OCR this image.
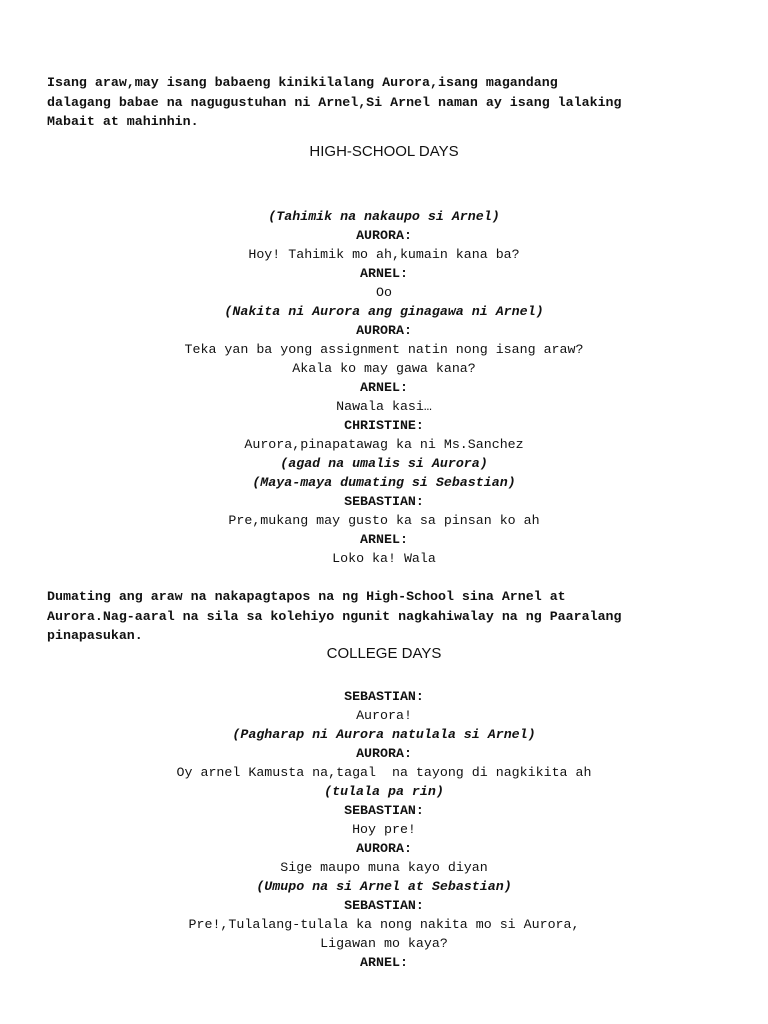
Isang araw,may isang babaeng kinikilalang Aurora,isang magandang
dalagang babae na nagugustuhan ni Arnel,Si Arnel naman ay isang lalaking
Mabait at mahinhin.
HIGH-SCHOOL DAYS
(Tahimik na nakaupo si Arnel)
AURORA:
Hoy! Tahimik mo ah,kumain kana ba?
ARNEL:
Oo
(Nakita ni Aurora ang ginagawa ni Arnel)
AURORA:
Teka yan ba yong assignment natin nong isang araw?
Akala ko may gawa kana?
ARNEL:
Nawala kasi…
CHRISTINE:
Aurora,pinapatawag ka ni Ms.Sanchez
(agad na umalis si Aurora)
(Maya-maya dumating si Sebastian)
SEBASTIAN:
Pre,mukang may gusto ka sa pinsan ko ah
ARNEL:
Loko ka! Wala
Dumating ang araw na nakapagtapos na ng High-School sina Arnel at
Aurora.Nag-aaral na sila sa kolehiyo ngunit nagkahiwalay na ng Paaralang
pinapasukan.
COLLEGE DAYS
SEBASTIAN:
Aurora!
(Pagharap ni Aurora natulala si Arnel)
AURORA:
Oy arnel Kamusta na,tagal  na tayong di nagkikita ah
(tulala pa rin)
SEBASTIAN:
Hoy pre!
AURORA:
Sige maupo muna kayo diyan
(Umupo na si Arnel at Sebastian)
SEBASTIAN:
Pre!,Tulalang-tulala ka nong nakita mo si Aurora,
Ligawan mo kaya?
ARNEL:
